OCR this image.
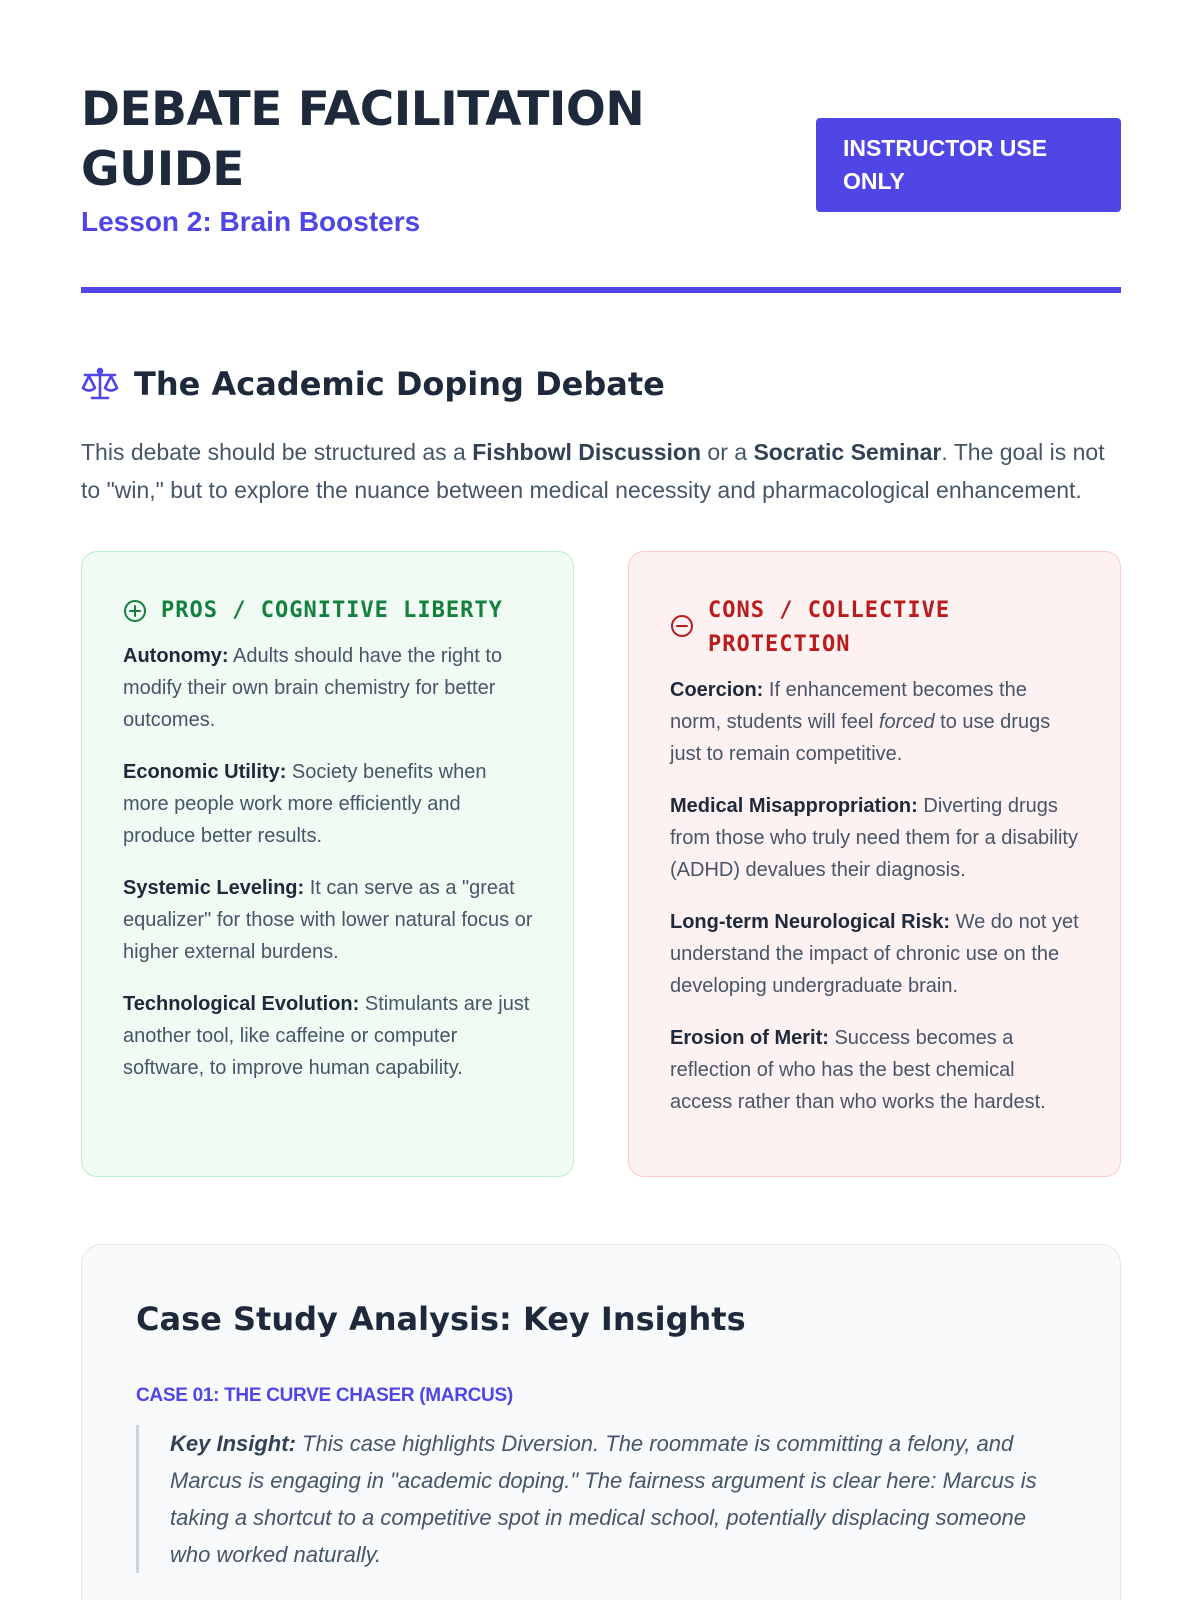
DEBATE FACILITATION GUIDE
Lesson 2: Brain Boosters
INSTRUCTOR USE ONLY
The Academic Doping Debate

This debate should be structured as a Fishbowl Discussion or a Socratic Seminar. The goal is not to "win," but to explore the nuance between medical necessity and pharmacological enhancement.

PROS / COGNITIVE LIBERTY

Autonomy: Adults should have the right to modify their own brain chemistry for better outcomes.

Economic Utility: Society benefits when more people work more efficiently and produce better results.

Systemic Leveling: It can serve as a "great equalizer" for those with lower natural focus or higher external burdens.

Technological Evolution: Stimulants are just another tool, like caffeine or computer software, to improve human capability.

CONS / COLLECTIVE PROTECTION

Coercion: If enhancement becomes the norm, students will feel forced to use drugs just to remain competitive.

Medical Misappropriation: Diverting drugs from those who truly need them for a disability (ADHD) devalues their diagnosis.

Long-term Neurological Risk: We do not yet understand the impact of chronic use on the developing undergraduate brain.

Erosion of Merit: Success becomes a reflection of who has the best chemical access rather than who works the hardest.

Case Study Analysis: Key Insights
CASE 01: THE CURVE CHASER (MARCUS)
Key Insight: This case highlights Diversion. The roommate is committing a felony, and Marcus is engaging in "academic doping." The fairness argument is clear here: Marcus is taking a shortcut to a competitive spot in medical school, potentially displacing someone who worked naturally.
